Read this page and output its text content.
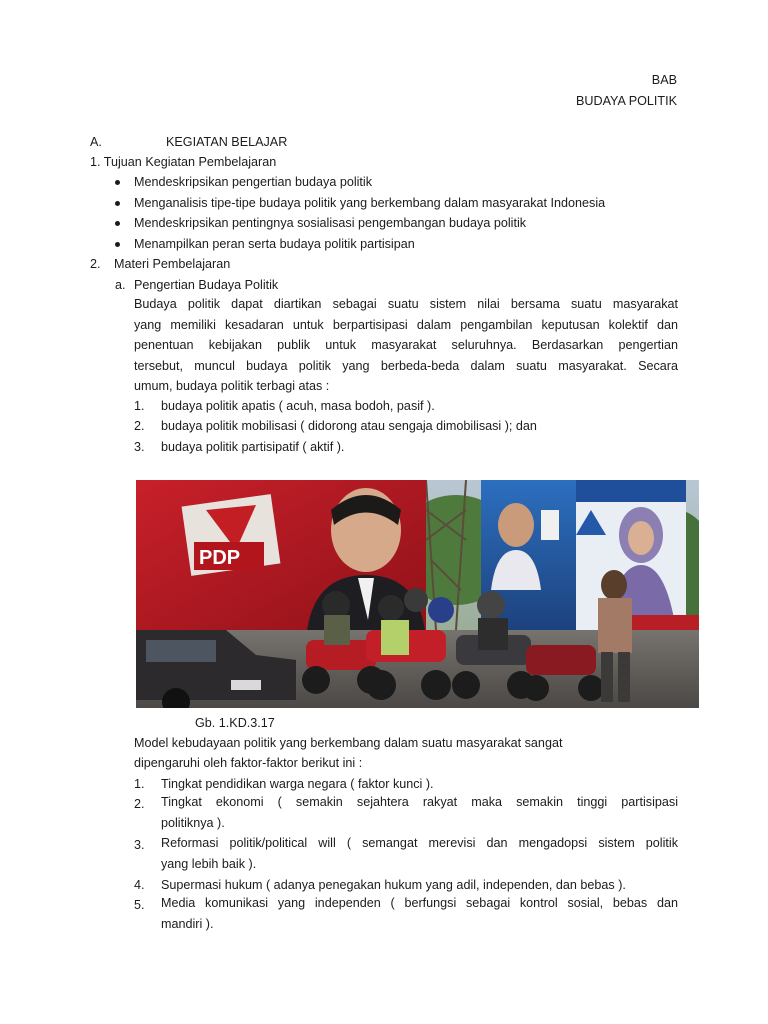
BAB
BUDAYA POLITIK
A.	KEGIATAN BELAJAR
1. Tujuan Kegiatan Pembelajaran
Mendeskripsikan pengertian budaya politik
Menganalisis tipe-tipe budaya politik yang berkembang dalam masyarakat Indonesia
Mendeskripsikan pentingnya sosialisasi pengembangan budaya politik
Menampilkan peran serta budaya politik partisipan
2. Materi Pembelajaran
a. Pengertian Budaya Politik

Budaya politik dapat diartikan sebagai suatu sistem nilai bersama suatu masyarakat

yang memiliki kesadaran untuk berpartisipasi dalam pengambilan keputusan kolektif dan

penentuan kebijakan publik untuk masyarakat seluruhnya. Berdasarkan pengertian

tersebut, muncul budaya politik yang berbeda-beda dalam suatu masyarakat. Secara

umum, budaya politik terbagi atas :

1. budaya politik apatis ( acuh, masa bodoh, pasif ).
2. budaya politik mobilisasi ( didorong atau sengaja dimobilisasi ); dan
3. budaya politik partisipatif ( aktif ).
PDP
Gb. 1.KD.3.17
Model kebudayaan politik yang berkembang dalam suatu masyarakat sangat
dipengaruhi oleh faktor-faktor berikut ini :
1. Tingkat pendidikan warga negara ( faktor kunci ).
2. Tingkat ekonomi ( semakin sejahtera rakyat maka semakin tinggi partisipasi

politiknya ).

3. Reformasi politik/political will ( semangat merevisi dan mengadopsi sistem politik

yang lebih baik ).

4. Supermasi hukum ( adanya penegakan hukum yang adil, independen, dan bebas ).
5. Media komunikasi yang independen ( berfungsi sebagai kontrol sosial, bebas dan

mandiri ).
